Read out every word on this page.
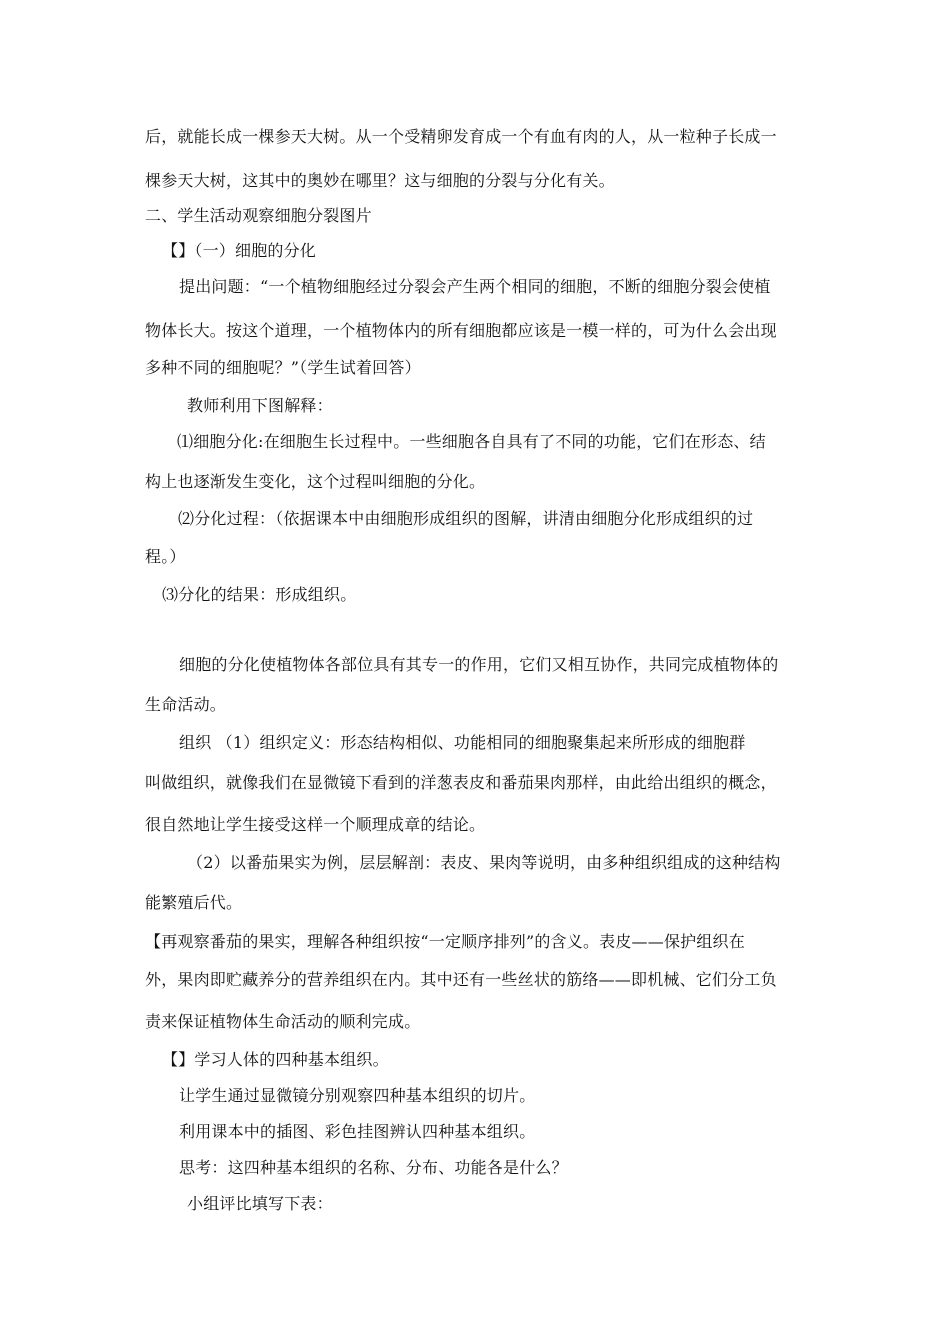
后，就能长成一棵参天大树。从一个受精卵发育成一个有血有肉的人，从一粒种子长成一
棵参天大树，这其中的奥妙在哪里？这与细胞的分裂与分化有关。
二、学生活动观察细胞分裂图片
【】（一）细胞的分化
提出问题：“一个植物细胞经过分裂会产生两个相同的细胞，不断的细胞分裂会使植
物体长大。按这个道理，一个植物体内的所有细胞都应该是一模一样的，可为什么会出现
多种不同的细胞呢？”（学生试着回答）
教师利用下图解释：
⑴细胞分化:在细胞生长过程中。一些细胞各自具有了不同的功能，它们在形态、结
构上也逐渐发生变化，这个过程叫细胞的分化。
⑵分化过程：（依据课本中由细胞形成组织的图解，讲清由细胞分化形成组织的过
程。）
⑶分化的结果：形成组织。
细胞的分化使植物体各部位具有其专一的作用，它们又相互协作，共同完成植物体的
生命活动。
组织 （1）组织定义：形态结构相似、功能相同的细胞聚集起来所形成的细胞群
叫做组织，就像我们在显微镜下看到的洋葱表皮和番茄果肉那样，由此给出组织的概念，
很自然地让学生接受这样一个顺理成章的结论。
（2）以番茄果实为例，层层解剖：表皮、果肉等说明，由多种组织组成的这种结构
能繁殖后代。
【再观察番茄的果实，理解各种组织按“一定顺序排列”的含义。表皮——保护组织在
外，果肉即贮藏养分的营养组织在内。其中还有一些丝状的筋络——即机械、它们分工负
责来保证植物体生命活动的顺利完成。
【】学习人体的四种基本组织。
让学生通过显微镜分别观察四种基本组织的切片。
利用课本中的插图、彩色挂图辨认四种基本组织。
思考：这四种基本组织的名称、分布、功能各是什么？
小组评比填写下表：
